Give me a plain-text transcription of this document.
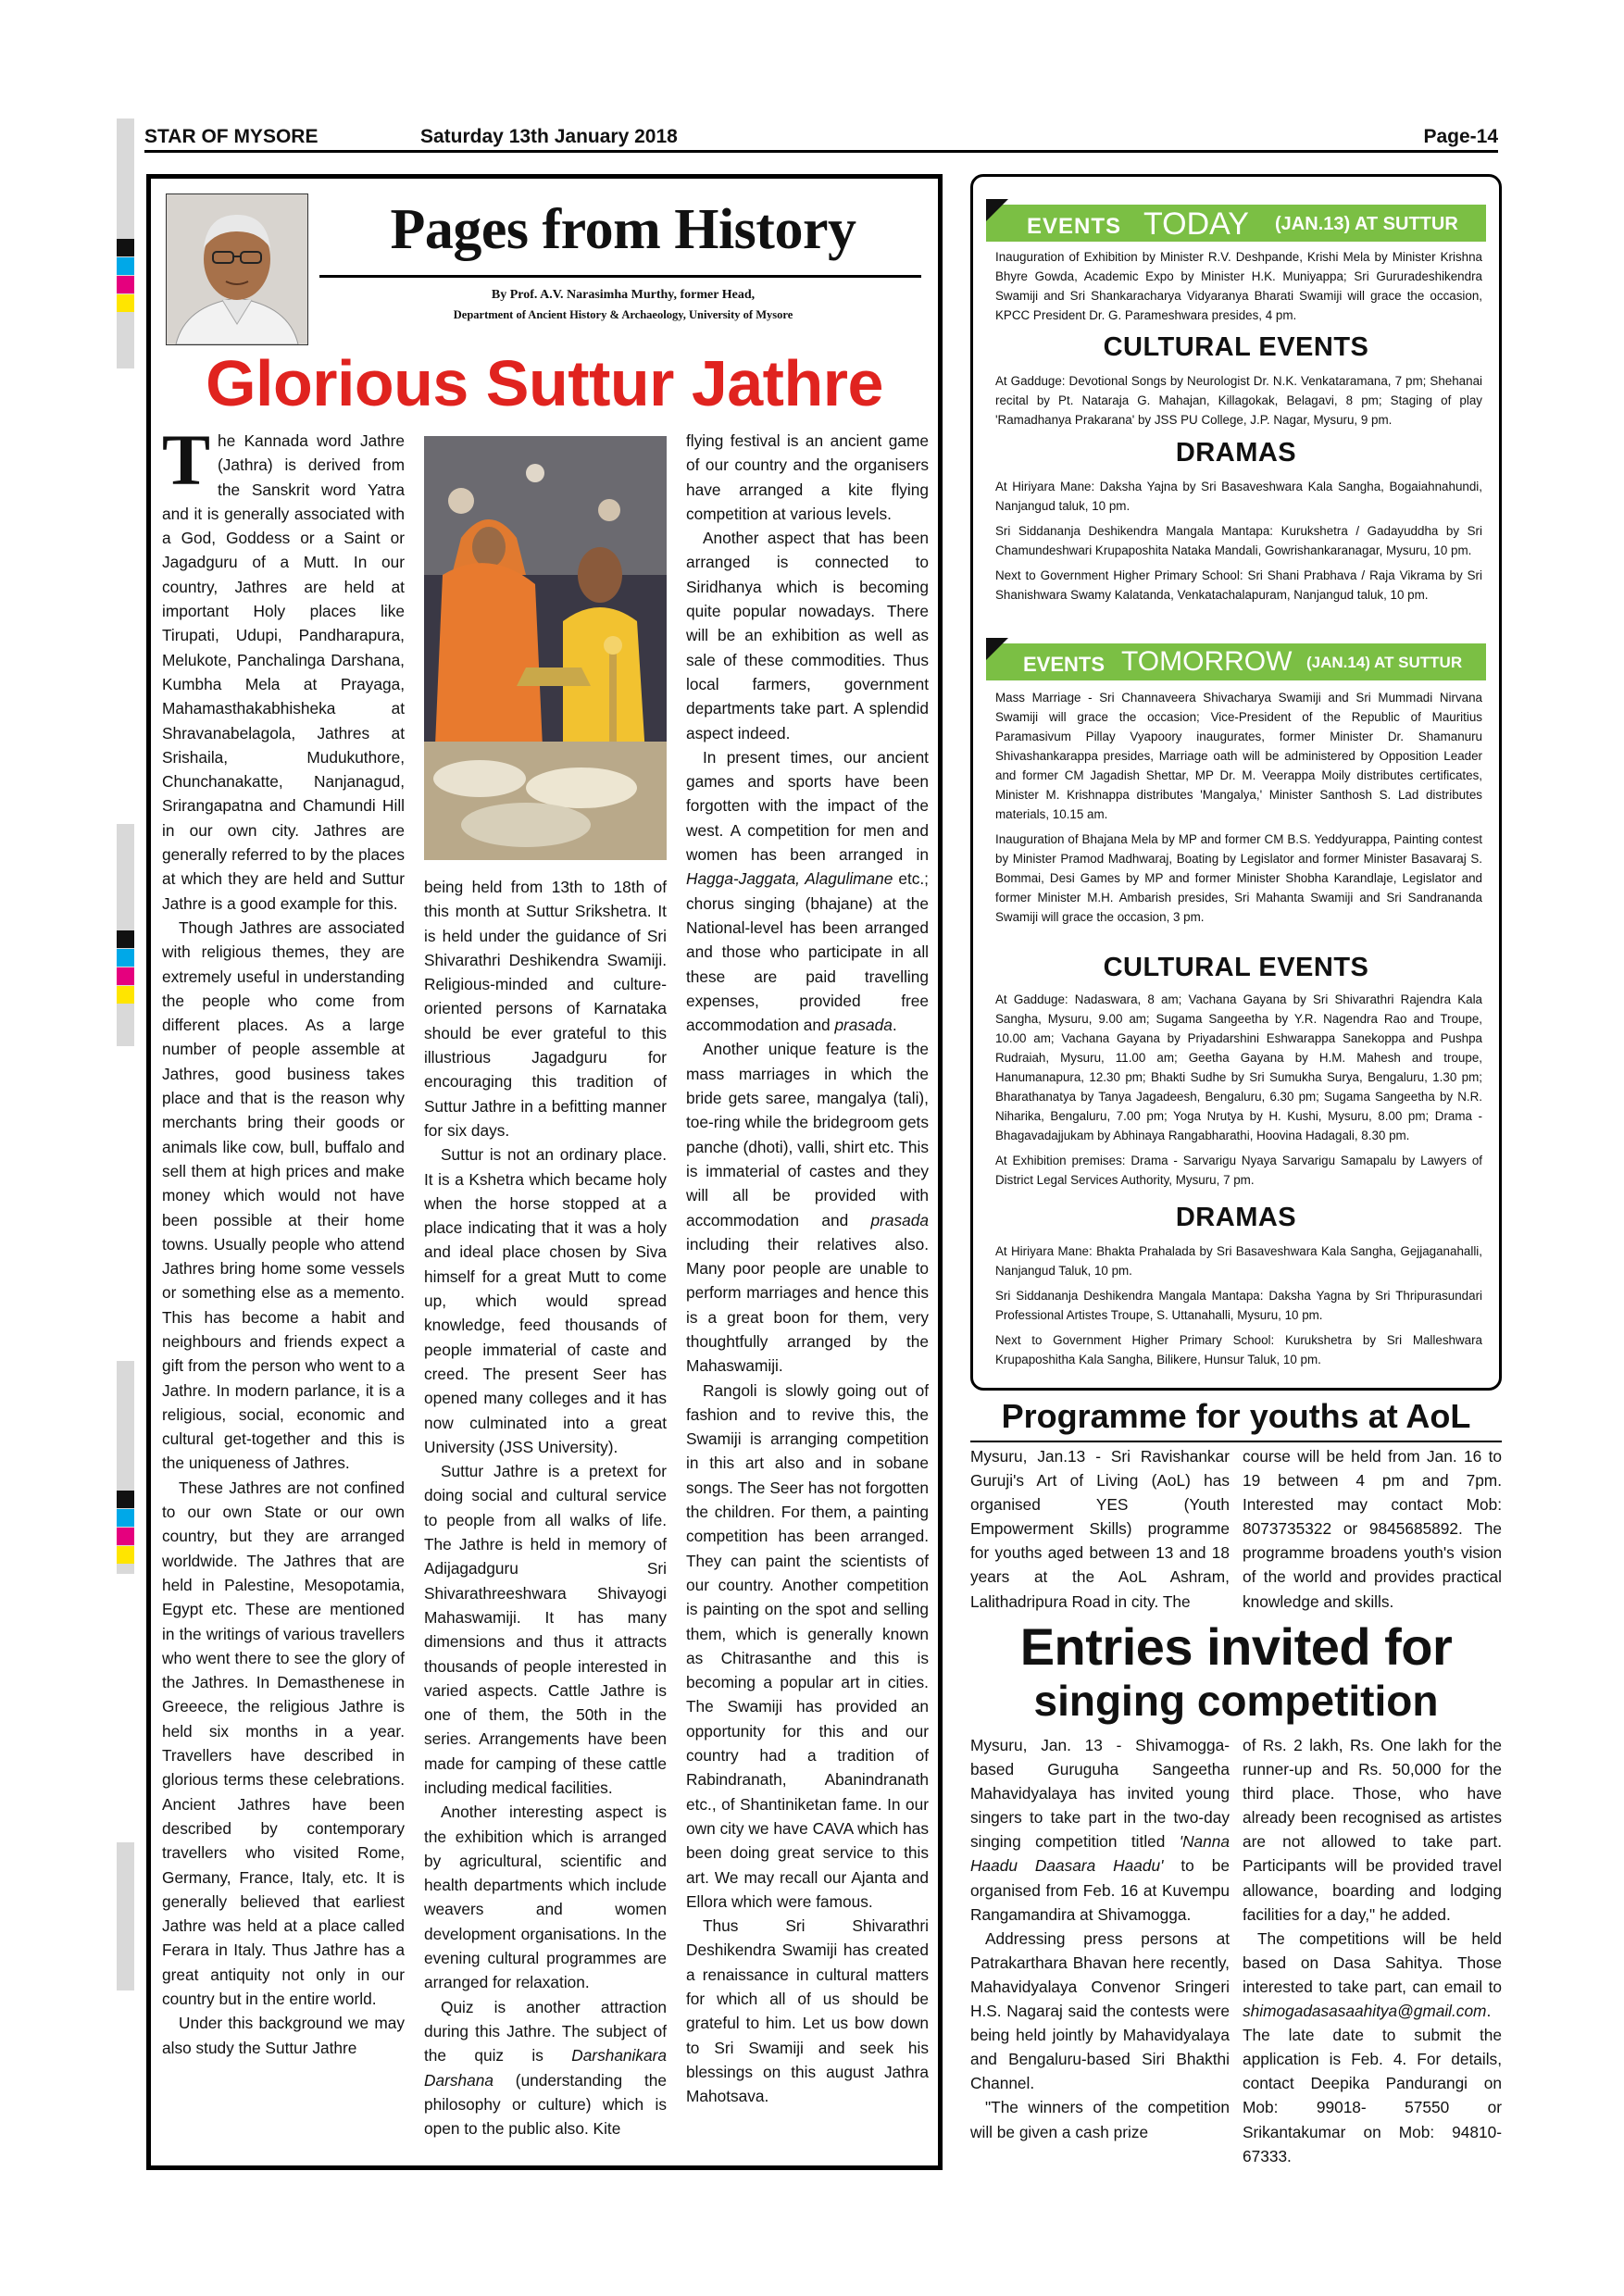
STAR OF MYSORE	Saturday 13th January 2018	Page-14
Pages from History
By Prof. A.V. Narasimha Murthy, former Head,
Department of Ancient History & Archaeology, University of Mysore
Glorious Suttur Jathre

The Kannada word Jathre (Jathra) is derived from the Sanskrit word Yatra and it is generally associated with a God, Goddess or a Saint or Jagadguru of a Mutt. In our country, Jathres are held at important Holy places like Tirupati, Udupi, Pandharapura, Melukote, Panchalinga Darshana, Kumbha Mela at Prayaga, Mahamasthakabhisheka at Shravanabelagola, Jathres at Srishaila, Mudukuthore, Chunchanakatte, Nanjanagud, Srirangapatna and Chamundi Hill in our own city. Jathres are generally referred to by the places at which they are held and Suttur Jathre is a good example for this.

Though Jathres are associated with religious themes, they are extremely useful in understanding the people who come from different places. As a large number of people assemble at Jathres, good business takes place and that is the reason why merchants bring their goods or animals like cow, bull, buffalo and sell them at high prices and make money which would not have been possible at their home towns. Usually people who attend Jathres bring home some vessels or something else as a memento. This has become a habit and neighbours and friends expect a gift from the person who went to a Jathre. In modern parlance, it is a religious, social, economic and cultural get-together and this is the uniqueness of Jathres.

These Jathres are not confined to our own State or our own country, but they are arranged worldwide. The Jathres that are held in Palestine, Mesopotamia, Egypt etc. These are mentioned in the writings of various travellers who went there to see the glory of the Jathres. In Demasthenese in Greeece, the religious Jathre is held six months in a year. Travellers have described in glorious terms these celebrations. Ancient Jathres have been described by contemporary travellers who visited Rome, Germany, France, Italy, etc. It is generally believed that earliest Jathre was held at a place called Ferara in Italy. Thus Jathre has a great antiquity not only in our country but in the entire world.

Under this background we may also study the Suttur Jathre

being held from 13th to 18th of this month at Suttur Srikshetra. It is held under the guidance of Sri Shivarathri Deshikendra Swamiji. Religious-minded and culture-oriented persons of Karnataka should be ever grateful to this illustrious Jagadguru for encouraging this tradition of Suttur Jathre in a befitting manner for six days.

Suttur is not an ordinary place. It is a Kshetra which became holy when the horse stopped at a place indicating that it was a holy and ideal place chosen by Siva himself for a great Mutt to come up, which would spread knowledge, feed thousands of people immaterial of caste and creed. The present Seer has opened many colleges and it has now culminated into a great University (JSS University).

Suttur Jathre is a pretext for doing social and cultural service to people from all walks of life. The Jathre is held in memory of Adijagadguru Sri Shivarathreeshwara Shivayogi Mahaswamiji. It has many dimensions and thus it attracts thousands of people interested in varied aspects. Cattle Jathre is one of them, the 50th in the series. Arrangements have been made for camping of these cattle including medical facilities.

Another interesting aspect is the exhibition which is arranged by agricultural, scientific and health departments which include weavers and women development organisations. In the evening cultural programmes are arranged for relaxation.

Quiz is another attraction during this Jathre. The subject of the quiz is Darshanikara Darshana (understanding the philosophy or culture) which is open to the public also. Kite

flying festival is an ancient game of our country and the organisers have arranged a kite flying competition at various levels.

Another aspect that has been arranged is connected to Siridhanya which is becoming quite popular nowadays. There will be an exhibition as well as sale of these commodities. Thus local farmers, government departments take part. A splendid aspect indeed.

In present times, our ancient games and sports have been forgotten with the impact of the west. A competition for men and women has been arranged in Hagga-Jaggata, Alagulimane etc.; chorus singing (bhajane) at the National-level has been arranged and those who participate in all these are paid travelling expenses, provided free accommodation and prasada.

Another unique feature is the mass marriages in which the bride gets saree, mangalya (tali), toe-ring while the bridegroom gets panche (dhoti), valli, shirt etc. This is immaterial of castes and they will all be provided with accommodation and prasada including their relatives also. Many poor people are unable to perform marriages and hence this is a great boon for them, very thoughtfully arranged by the Mahaswamiji.

Rangoli is slowly going out of fashion and to revive this, the Swamiji is arranging competition in this art also and in sobane songs. The Seer has not forgotten the children. For them, a painting competition has been arranged. They can paint the scientists of our country. Another competition is painting on the spot and selling them, which is generally known as Chitrasanthe and this is becoming a popular art in cities. The Swamiji has provided an opportunity for this and our country had a tradition of Rabindranath, Abanindranath etc., of Shantiniketan fame. In our own city we have CAVA which has been doing great service to this art. We may recall our Ajanta and Ellora which were famous.

Thus Sri Shivarathri Deshikendra Swamiji has created a renaissance in cultural matters for which all of us should be grateful to him. Let us bow down to Sri Swamiji and seek his blessings on this august Jathra Mahotsava.

EVENTS TODAY (JAN.13) AT SUTTUR

Inauguration of Exhibition by Minister R.V. Deshpande, Krishi Mela by Minister Krishna Bhyre Gowda, Academic Expo by Minister H.K. Muniyappa; Sri Gururadeshikendra Swamiji and Sri Shankaracharya Vidyaranya Bharati Swamiji will grace the occasion, KPCC President Dr. G. Parameshwara presides, 4 pm.

CULTURAL EVENTS

At Gadduge: Devotional Songs by Neurologist Dr. N.K. Venkataramana, 7 pm; Shehanai recital by Pt. Nataraja G. Mahajan, Killagokak, Belagavi, 8 pm; Staging of play 'Ramadhanya Prakarana' by JSS PU College, J.P. Nagar, Mysuru, 9 pm.

DRAMAS

At Hiriyara Mane: Daksha Yajna by Sri Basaveshwara Kala Sangha, Bogaiahnahundi, Nanjangud taluk, 10 pm.

Sri Siddananja Deshikendra Mangala Mantapa: Kurukshetra / Gadayuddha by Sri Chamundeshwari Krupaposhita Nataka Mandali, Gowrishankaranagar, Mysuru, 10 pm.

Next to Government Higher Primary School: Sri Shani Prabhava / Raja Vikrama by Sri Shanishwara Swamy Kalatanda, Venkatachalapuram, Nanjangud taluk, 10 pm.

EVENTS TOMORROW (JAN.14) AT SUTTUR

Mass Marriage - Sri Channaveera Shivacharya Swamiji and Sri Mummadi Nirvana Swamiji will grace the occasion; Vice-President of the Republic of Mauritius Paramasivum Pillay Vyapoory inaugurates, former Minister Dr. Shamanuru Shivashankarappa presides, Marriage oath will be administered by Opposition Leader and former CM Jagadish Shettar, MP Dr. M. Veerappa Moily distributes certificates, Minister M. Krishnappa distributes 'Mangalya,' Minister Santhosh S. Lad distributes materials, 10.15 am.

Inauguration of Bhajana Mela by MP and former CM B.S. Yeddyurappa, Painting contest by Minister Pramod Madhwaraj, Boating by Legislator and former Minister Basavaraj S. Bommai, Desi Games by MP and former Minister Shobha Karandlaje, Legislator and former Minister M.H. Ambarish presides, Sri Mahanta Swamiji and Sri Sandrananda Swamiji will grace the occasion, 3 pm.

CULTURAL EVENTS

At Gadduge: Nadaswara, 8 am; Vachana Gayana by Sri Shivarathri Rajendra Kala Sangha, Mysuru, 9.00 am; Sugama Sangeetha by Y.R. Nagendra Rao and Troupe, 10.00 am; Vachana Gayana by Priyadarshini Eshwarappa Sanekoppa and Pushpa Rudraiah, Mysuru, 11.00 am; Geetha Gayana by H.M. Mahesh and troupe, Hanumanapura, 12.30 pm; Bhakti Sudhe by Sri Sumukha Surya, Bengaluru, 1.30 pm; Bharathanatya by Tanya Jagadeesh, Bengaluru, 6.30 pm; Sugama Sangeetha by N.R. Niharika, Bengaluru, 7.00 pm; Yoga Nrutya by H. Kushi, Mysuru, 8.00 pm; Drama - Bhagavadajjukam by Abhinaya Rangabharathi, Hoovina Hadagali, 8.30 pm.

At Exhibition premises: Drama - Sarvarigu Nyaya Sarvarigu Samapalu by Lawyers of District Legal Services Authority, Mysuru, 7 pm.

DRAMAS

At Hiriyara Mane: Bhakta Prahalada by Sri Basaveshwara Kala Sangha, Gejjaganahalli, Nanjangud Taluk, 10 pm.

Sri Siddananja Deshikendra Mangala Mantapa: Daksha Yagna by Sri Thripurasundari Professional Artistes Troupe, S. Uttanahalli, Mysuru, 10 pm.

Next to Government Higher Primary School: Kurukshetra by Sri Malleshwara Krupaposhitha Kala Sangha, Bilikere, Hunsur Taluk, 10 pm.

Programme for youths at AoL

Mysuru, Jan.13 - Sri Ravishankar Guruji's Art of Living (AoL) has organised YES (Youth Empowerment Skills) programme for youths aged between 13 and 18 years at the AoL Ashram, Lalithadripura Road in city. The

course will be held from Jan. 16 to 19 between 4 pm and 7pm. Interested may contact Mob: 8073735322 or 9845685892. The programme broadens youth's vision of the world and provides practical knowledge and skills.

Entries invited for
singing competition

Mysuru, Jan. 13 - Shivamogga-based Guruguha Sangeetha Mahavidyalaya has invited young singers to take part in the two-day singing competition titled 'Nanna Haadu Daasara Haadu' to be organised from Feb. 16 at Kuvempu Rangamandira at Shivamogga.

Addressing press persons at Patrakarthara Bhavan here recently, Mahavidyalaya Convenor Sringeri H.S. Nagaraj said the contests were being held jointly by Mahavidyalaya and Bengaluru-based Siri Bhakthi Channel.

"The winners of the competition will be given a cash prize

of Rs. 2 lakh, Rs. One lakh for the runner-up and Rs. 50,000 for the third place. Those, who have already been recognised as artistes are not allowed to take part. Participants will be provided travel allowance, boarding and lodging facilities for a day," he added.

The competitions will be held based on Dasa Sahitya. Those interested to take part, can email to shimogadasasaahitya@gmail.com. The late date to submit the application is Feb. 4. For details, contact Deepika Pandurangi on Mob: 99018- 57550 or Srikantakumar on Mob: 94810-67333.
